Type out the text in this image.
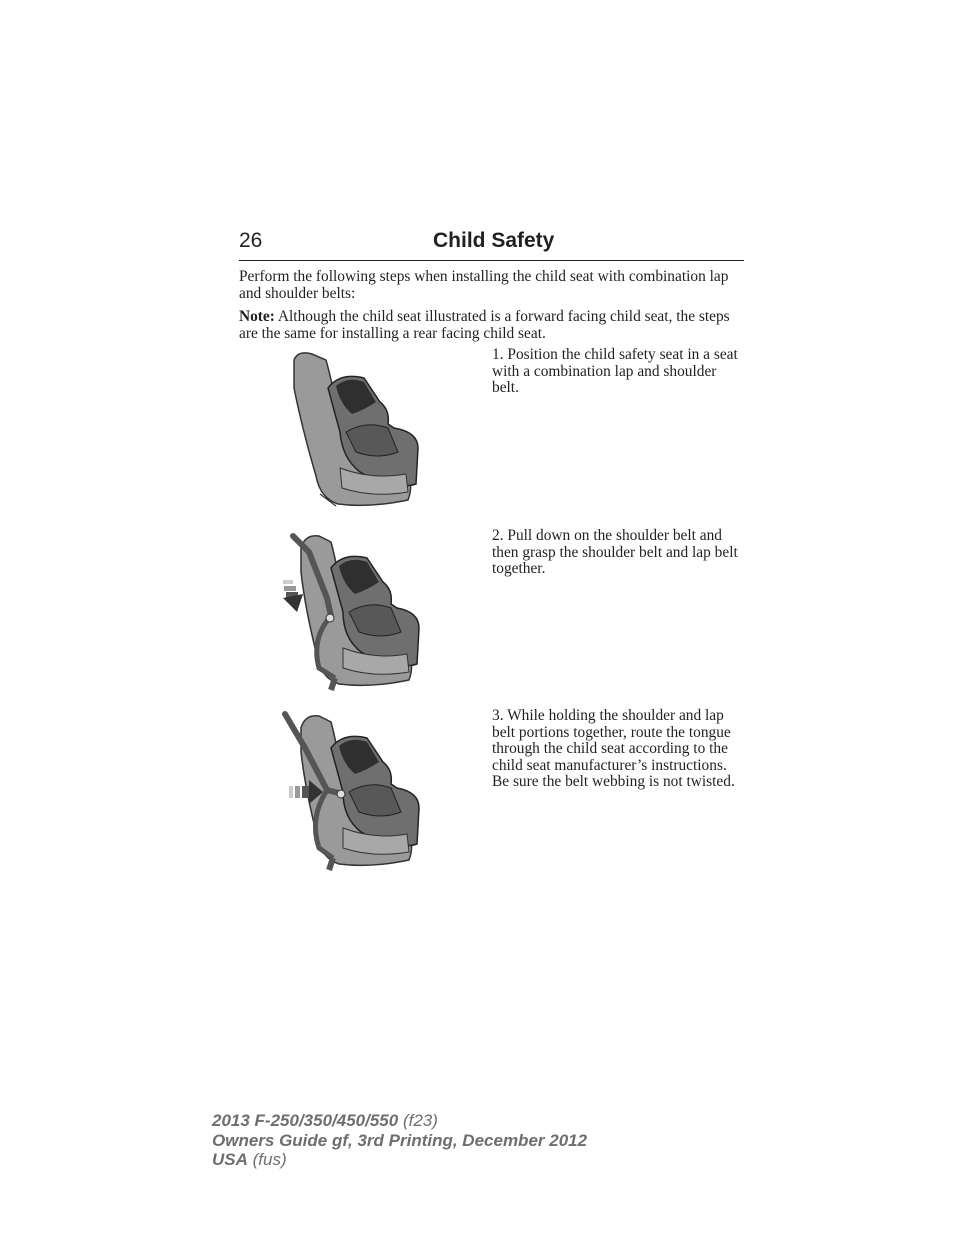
26	Child Safety
Perform the following steps when installing the child seat with combination lap and shoulder belts:
Note: Although the child seat illustrated is a forward facing child seat, the steps are the same for installing a rear facing child seat.
1. Position the child safety seat in a seat with a combination lap and shoulder belt.
2. Pull down on the shoulder belt and then grasp the shoulder belt and lap belt together.
3. While holding the shoulder and lap belt portions together, route the tongue through the child seat according to the child seat manufacturer’s instructions. Be sure the belt webbing is not twisted.
2013 F-250/350/450/550 (f23)
Owners Guide gf, 3rd Printing, December 2012
USA (fus)
